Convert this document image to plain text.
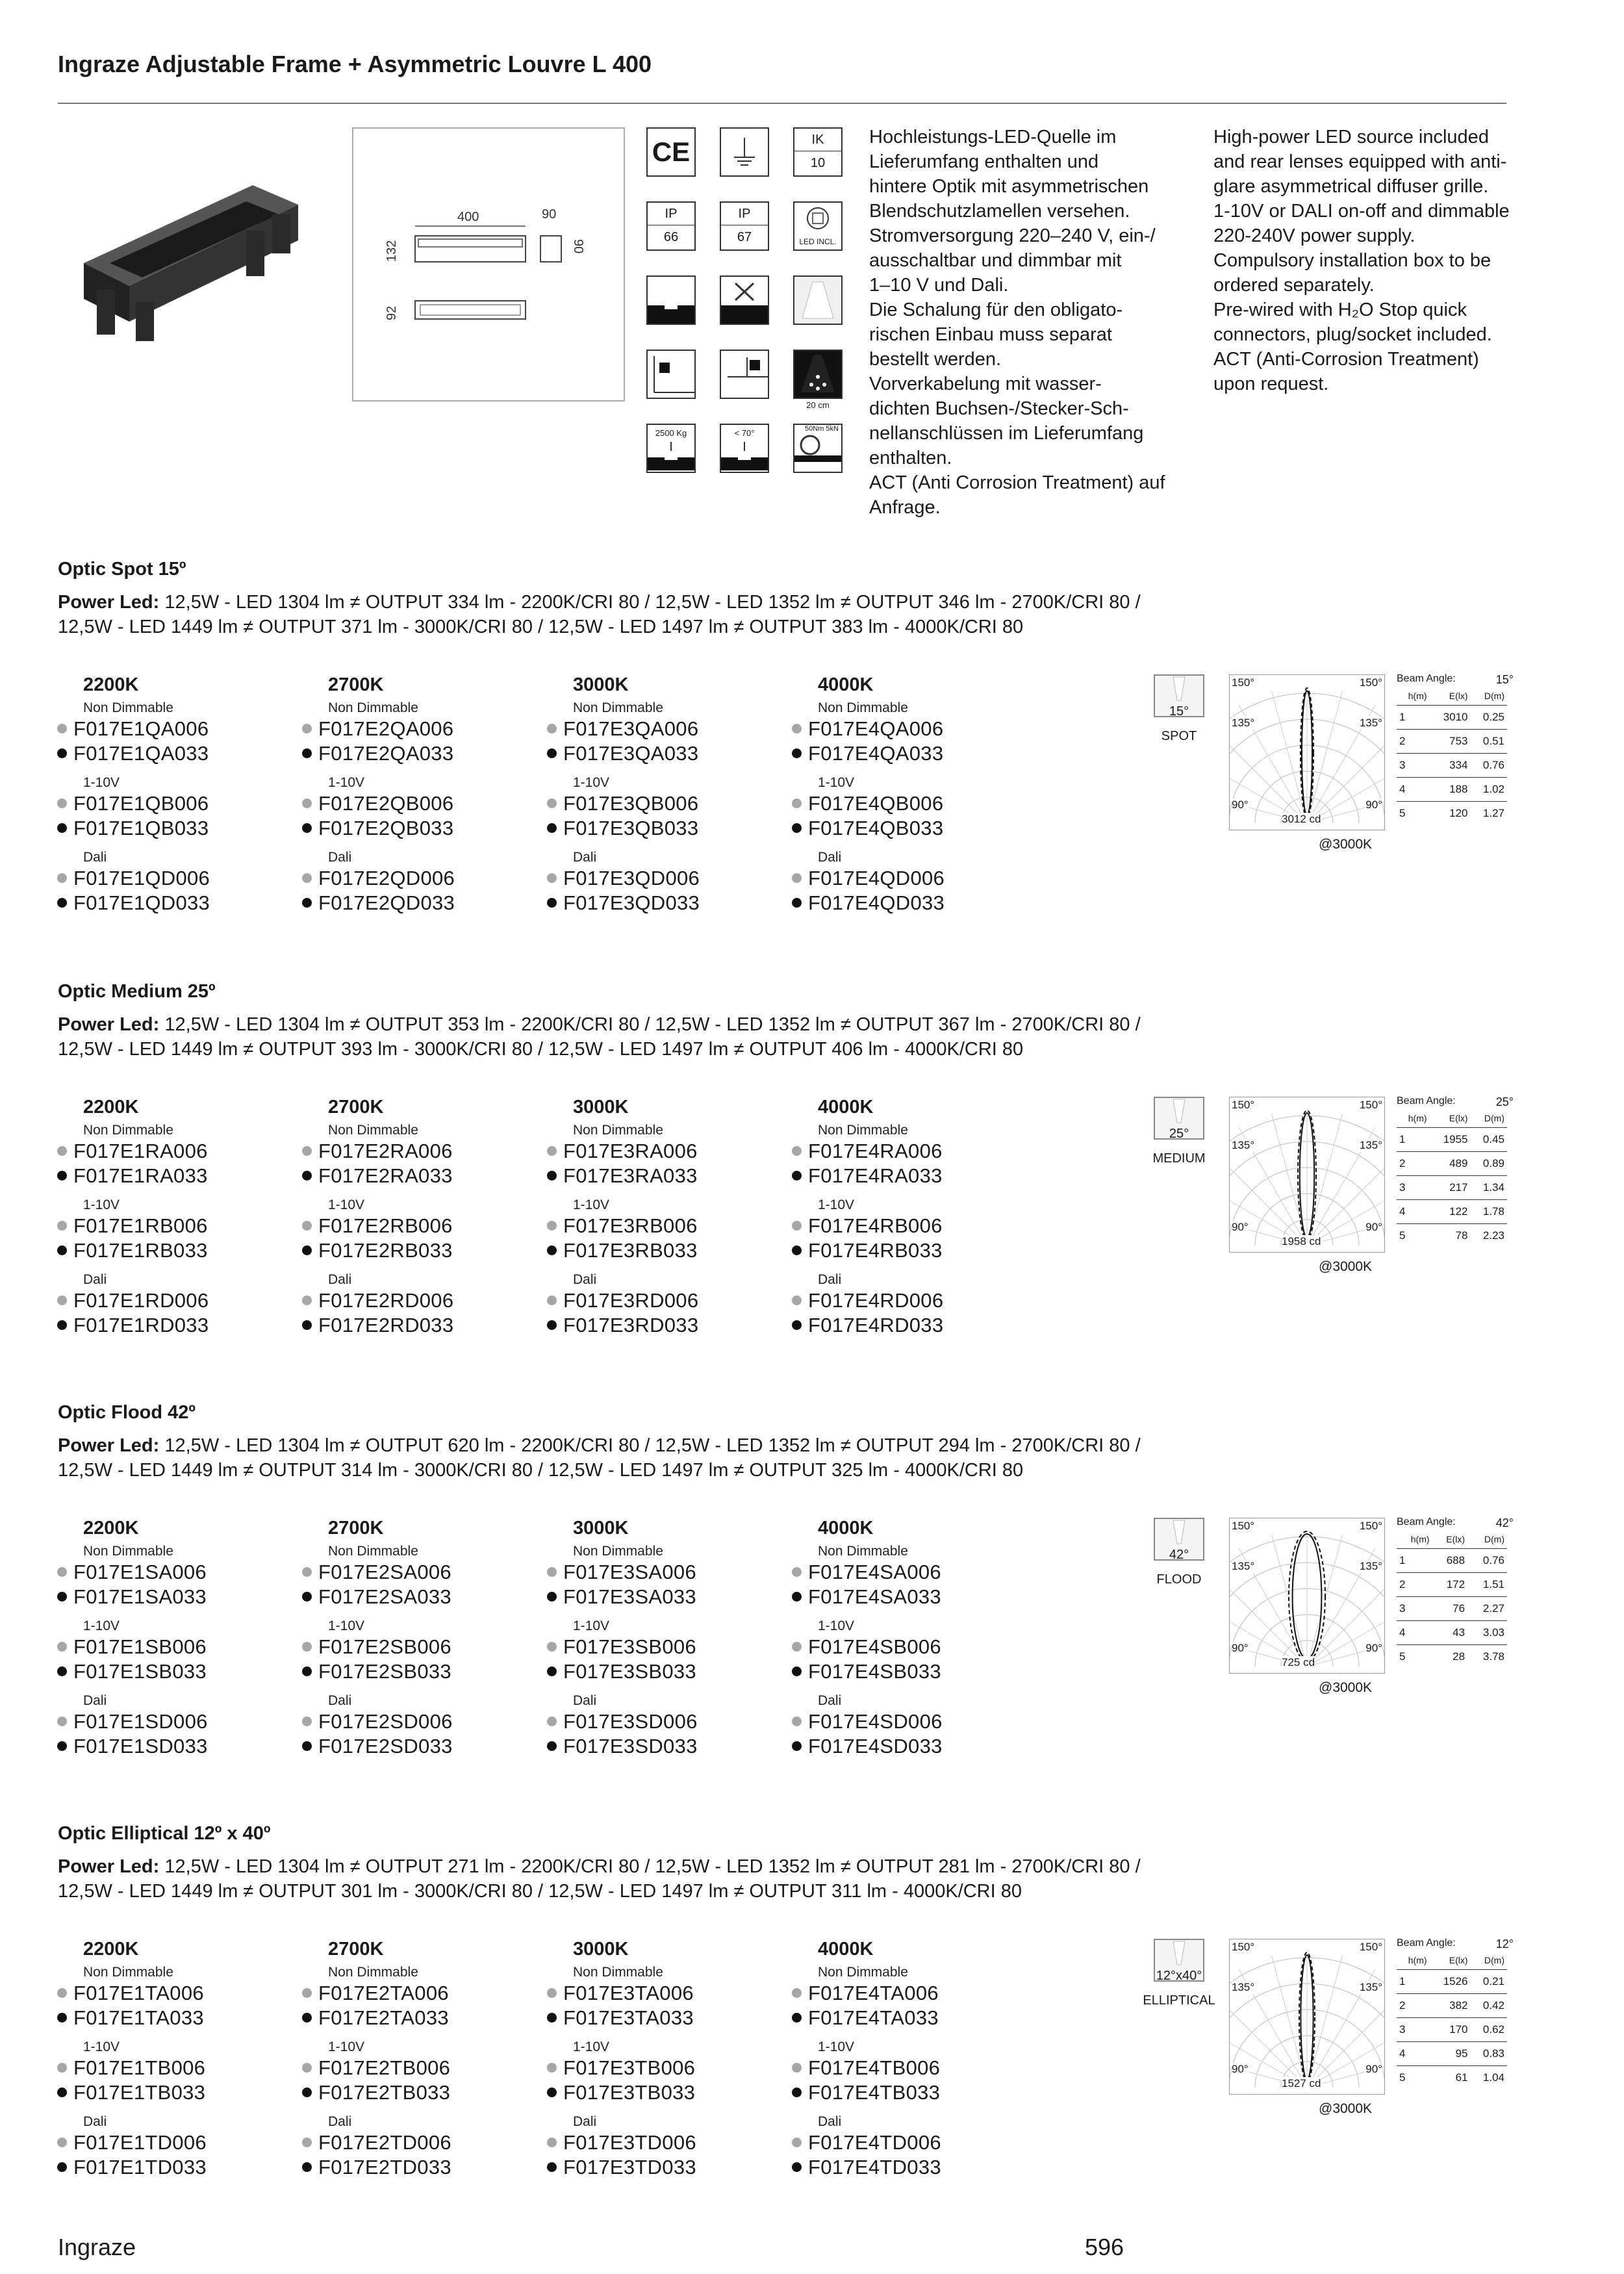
Ingraze Adjustable Frame + Asymmetric Louvre L 400
400	90
132	90
92
CE	IK
10
IP
66
IP
67	LED INCL.
20 cm
2500 Kg	< 70°	50Nm 5kN
Hochleistungs-LED-Quelle im
Lieferumfang enthalten und
hintere Optik mit asymmetrischen
Blendschutzlamellen versehen.
Stromversorgung 220–240 V, ein-/
ausschaltbar und dimmbar mit
1–10 V und Dali.
Die Schalung für den obligato-
rischen Einbau muss separat
bestellt werden.
Vorverkabelung mit wasser-
dichten Buchsen-/Stecker-Sch-
nellanschlüssen im Lieferumfang
enthalten.
ACT (Anti Corrosion Treatment) auf
Anfrage.
High-power LED source included
and rear lenses equipped with anti-
glare asymmetrical diffuser grille.
1-10V or DALI on-off and dimmable
220-240V power supply.
Compulsory installation box to be
ordered separately.
Pre-wired with H₂O Stop quick
connectors, plug/socket included.
ACT (Anti-Corrosion Treatment)
upon request.
Optic Spot 15º
Power Led: 12,5W - LED 1304 lm ≠ OUTPUT 334 lm - 2200K/CRI 80 / 12,5W - LED 1352 lm ≠ OUTPUT 346 lm - 2700K/CRI 80 /
12,5W - LED 1449 lm ≠ OUTPUT 371 lm - 3000K/CRI 80 / 12,5W - LED 1497 lm ≠ OUTPUT 383 lm - 4000K/CRI 80
2200K
Non Dimmable
F017E1QA006
F017E1QA033
1-10V
F017E1QB006
F017E1QB033
Dali
F017E1QD006
F017E1QD033
2700K
Non Dimmable
F017E2QA006
F017E2QA033
1-10V
F017E2QB006
F017E2QB033
Dali
F017E2QD006
F017E2QD033
3000K
Non Dimmable
F017E3QA006
F017E3QA033
1-10V
F017E3QB006
F017E3QB033
Dali
F017E3QD006
F017E3QD033
4000K
Non Dimmable
F017E4QA006
F017E4QA033
1-10V
F017E4QB006
F017E4QB033
Dali
F017E4QD006
F017E4QD033
15°
SPOT
150°	150°
135°	135°
90°	90°
3012 cd
@3000K
Beam Angle:	15°
h(m)	E(lx)	D(m)
1	3010	0.25
2	753	0.51
3	334	0.76
4	188	1.02
5	120	1.27
Optic Medium 25º
Power Led: 12,5W - LED 1304 lm ≠ OUTPUT 353 lm - 2200K/CRI 80 / 12,5W - LED 1352 lm ≠ OUTPUT 367 lm - 2700K/CRI 80 /
12,5W - LED 1449 lm ≠ OUTPUT 393 lm - 3000K/CRI 80 / 12,5W - LED 1497 lm ≠ OUTPUT 406 lm - 4000K/CRI 80
2200K
Non Dimmable
F017E1RA006
F017E1RA033
1-10V
F017E1RB006
F017E1RB033
Dali
F017E1RD006
F017E1RD033
2700K
Non Dimmable
F017E2RA006
F017E2RA033
1-10V
F017E2RB006
F017E2RB033
Dali
F017E2RD006
F017E2RD033
3000K
Non Dimmable
F017E3RA006
F017E3RA033
1-10V
F017E3RB006
F017E3RB033
Dali
F017E3RD006
F017E3RD033
4000K
Non Dimmable
F017E4RA006
F017E4RA033
1-10V
F017E4RB006
F017E4RB033
Dali
F017E4RD006
F017E4RD033
25°
MEDIUM
150°	150°
135°	135°
90°	90°
1958 cd
@3000K
Beam Angle:	25°
h(m)	E(lx)	D(m)
1	1955	0.45
2	489	0.89
3	217	1.34
4	122	1.78
5	78	2.23
Optic Flood 42º
Power Led: 12,5W - LED 1304 lm ≠ OUTPUT 620 lm - 2200K/CRI 80 / 12,5W - LED 1352 lm ≠ OUTPUT 294 lm - 2700K/CRI 80 /
12,5W - LED 1449 lm ≠ OUTPUT 314 lm - 3000K/CRI 80 / 12,5W - LED 1497 lm ≠ OUTPUT 325 lm - 4000K/CRI 80
2200K
Non Dimmable
F017E1SA006
F017E1SA033
1-10V
F017E1SB006
F017E1SB033
Dali
F017E1SD006
F017E1SD033
2700K
Non Dimmable
F017E2SA006
F017E2SA033
1-10V
F017E2SB006
F017E2SB033
Dali
F017E2SD006
F017E2SD033
3000K
Non Dimmable
F017E3SA006
F017E3SA033
1-10V
F017E3SB006
F017E3SB033
Dali
F017E3SD006
F017E3SD033
4000K
Non Dimmable
F017E4SA006
F017E4SA033
1-10V
F017E4SB006
F017E4SB033
Dali
F017E4SD006
F017E4SD033
42°
FLOOD
150°	150°
135°	135°
90°	90°
725 cd
@3000K
Beam Angle:	42°
h(m)	E(lx)	D(m)
1	688	0.76
2	172	1.51
3	76	2.27
4	43	3.03
5	28	3.78
Optic Elliptical 12º x 40º
Power Led: 12,5W - LED 1304 lm ≠ OUTPUT 271 lm - 2200K/CRI 80 / 12,5W - LED 1352 lm ≠ OUTPUT 281 lm - 2700K/CRI 80 /
12,5W - LED 1449 lm ≠ OUTPUT 301 lm - 3000K/CRI 80 / 12,5W - LED 1497 lm ≠ OUTPUT 311 lm - 4000K/CRI 80
2200K
Non Dimmable
F017E1TA006
F017E1TA033
1-10V
F017E1TB006
F017E1TB033
Dali
F017E1TD006
F017E1TD033
2700K
Non Dimmable
F017E2TA006
F017E2TA033
1-10V
F017E2TB006
F017E2TB033
Dali
F017E2TD006
F017E2TD033
3000K
Non Dimmable
F017E3TA006
F017E3TA033
1-10V
F017E3TB006
F017E3TB033
Dali
F017E3TD006
F017E3TD033
4000K
Non Dimmable
F017E4TA006
F017E4TA033
1-10V
F017E4TB006
F017E4TB033
Dali
F017E4TD006
F017E4TD033
12°x40°
ELLIPTICAL
150°	150°
135°	135°
90°	90°
1527 cd
@3000K
Beam Angle:	12°
h(m)	E(lx)	D(m)
1	1526	0.21
2	382	0.42
3	170	0.62
4	95	0.83
5	61	1.04
Ingraze	596
